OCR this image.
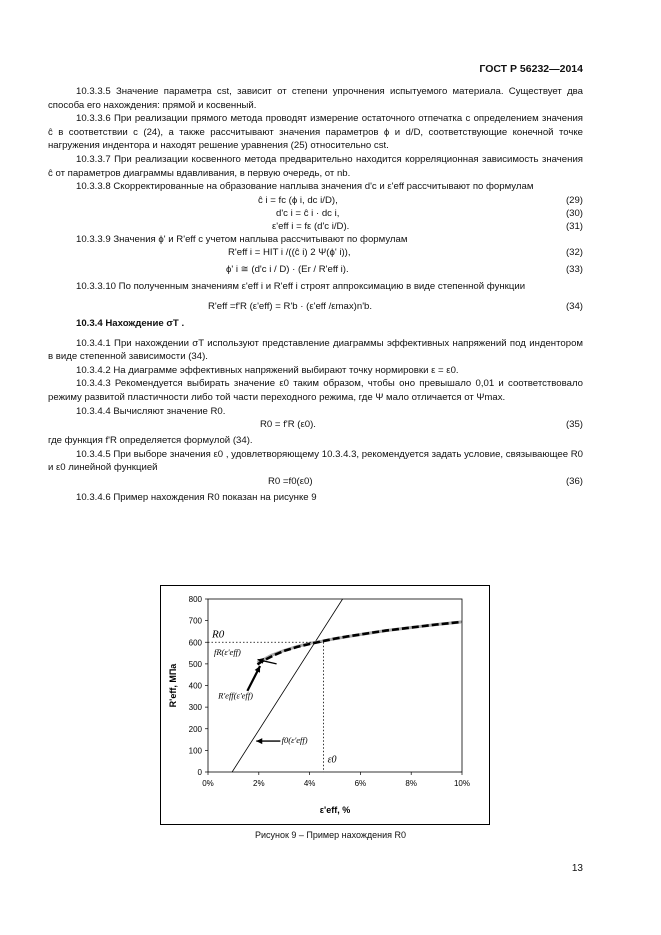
ГОСТ Р 56232—2014

10.3.3.5 Значение параметра cst, зависит от степени упрочнения испытуемого материала. Существует два способа его нахождения: прямой и косвенный.

10.3.3.6 При реализации прямого метода проводят измерение остаточного отпечатка с определением значения ĉ в соответствии с (24), а также рассчитывают значения параметров ϕ и d/D, соответствующие конечной точке нагружения индентора и находят решение уравнения (25) относительно cst.

10.3.3.7 При реализации косвенного метода предварительно находится корреляционная зависимость значения ĉ от параметров диаграммы вдавливания, в первую очередь, от nb.

10.3.3.8 Скорректированные на образование наплыва значения d'c и ε'eff рассчитывают по формулам

ĉ i = fc (ϕ i, dc i/D),	(29)
d'c i = ĉ i · dc i,	(30)
ε'eff i = fε (d'c i/D).	(31)

10.3.3.9 Значения ϕ' и R'eff с учетом наплыва рассчитывают по формулам

R'eff i = HIT i /((ĉ i) 2 Ψ(ϕ' i)),	(32)
ϕ' i ≅ (d'c i / D) · (Er / R'eff i).	(33)

10.3.3.10 По полученным значениям ε'eff i и R'eff i строят аппроксимацию в виде степенной функции

R'eff =f'R (ε'eff) = R'b · (ε'eff /εmax)n'b.	(34)

10.3.4 Нахождение σT .

10.3.4.1 При нахождении σT используют представление диаграммы эффективных напряжений под индентором в виде степенной зависимости (34).

10.3.4.2 На диаграмме эффективных напряжений выбирают точку нормировки ε = ε0.

10.3.4.3 Рекомендуется выбирать значение ε0 таким образом, чтобы оно превышало 0,01 и соответствовало режиму развитой пластичности либо той части переходного режима, где Ψ мало отличается от Ψmax.

10.3.4.4 Вычисляют значение R0.

R0 = f'R (ε0).	(35)

где функция f'R определяется формулой (34).

10.3.4.5 При выборе значения ε0 , удовлетворяющему 10.3.4.3, рекомендуется задать условие, связывающее R0 и ε0 линейной функцией

R0 =f0(ε0)	(36)

10.3.4.6 Пример нахождения R0 показан на рисунке 9

0
100
200
300
400
500
600
700
800
0%	2%	4%	6%	8%	10%
ε'eff, %
R'eff, МПа
R0
ε0
fR(ε'eff)
R'eff(ε'eff)
f0(ε'eff)
Рисунок 9 – Пример нахождения R0
13
